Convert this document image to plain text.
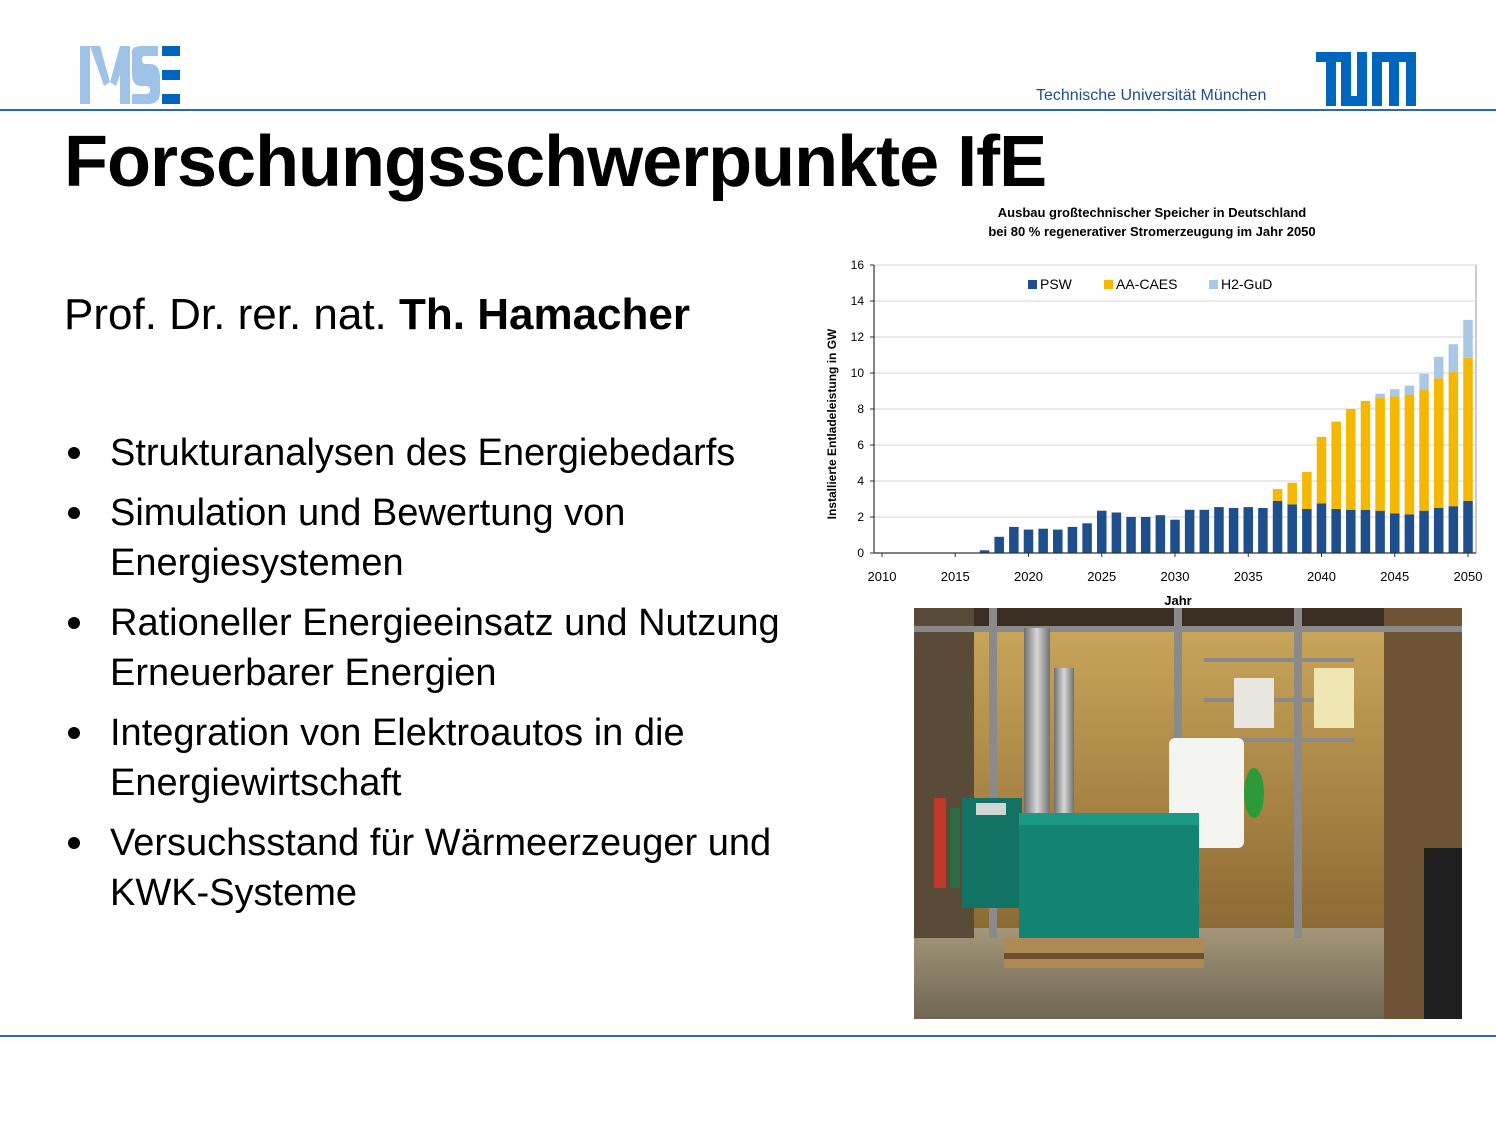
Technische Universität München
Forschungsschwerpunkte IfE
Prof. Dr. rer. nat. Th. Hamacher
Strukturanalysen des Energiebedarfs
Simulation und Bewertung von Energiesystemen
Rationeller Energieeinsatz und Nutzung Erneuerbarer Energien
Integration von Elektroautos in die Energiewirtschaft
Versuchsstand für Wärmeerzeuger und KWK-Systeme
Ausbau großtechnischer Speicher in Deutschland
bei 80 % regenerativer Stromerzeugung im Jahr 2050
Installierte Entladeleistung in GW
Jahr
0
2
4
6
8
10
12
14
16
2010	2015	2020	2025	2030	2035	2040	2045	2050
PSW	AA-CAES	H2-GuD
